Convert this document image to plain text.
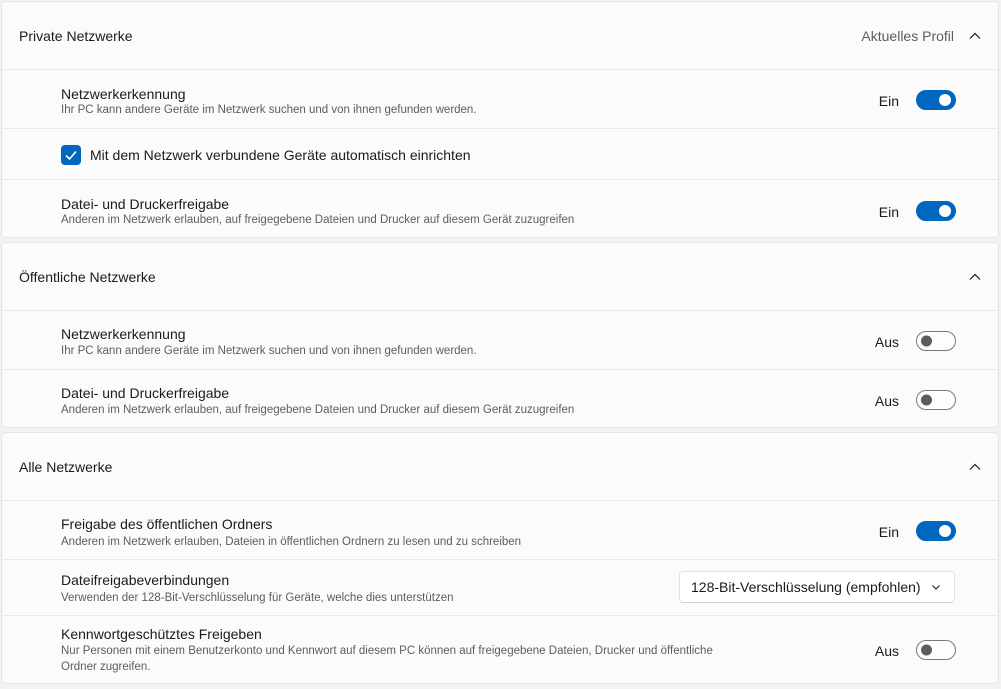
Private Netzwerke	Aktuelles Profil
Netzwerkerkennung
Ihr PC kann andere Geräte im Netzwerk suchen und von ihnen gefunden werden.
Ein
Mit dem Netzwerk verbundene Geräte automatisch einrichten
Datei- und Druckerfreigabe
Anderen im Netzwerk erlauben, auf freigegebene Dateien und Drucker auf diesem Gerät zuzugreifen	Ein
Öffentliche Netzwerke
Netzwerkerkennung
Ihr PC kann andere Geräte im Netzwerk suchen und von ihnen gefunden werden.
Aus
Datei- und Druckerfreigabe
Anderen im Netzwerk erlauben, auf freigegebene Dateien und Drucker auf diesem Gerät zuzugreifen
Aus
Alle Netzwerke
Freigabe des öffentlichen Ordners
Anderen im Netzwerk erlauben, Dateien in öffentlichen Ordnern zu lesen und zu schreiben
Ein
Dateifreigabeverbindungen
Verwenden der 128-Bit-Verschlüsselung für Geräte, welche dies unterstützen
128-Bit-Verschlüsselung (empfohlen)
Kennwortgeschütztes Freigeben
Nur Personen mit einem Benutzerkonto und Kennwort auf diesem PC können auf freigegebene Dateien, Drucker und öffentliche
Ordner zugreifen.
Aus
